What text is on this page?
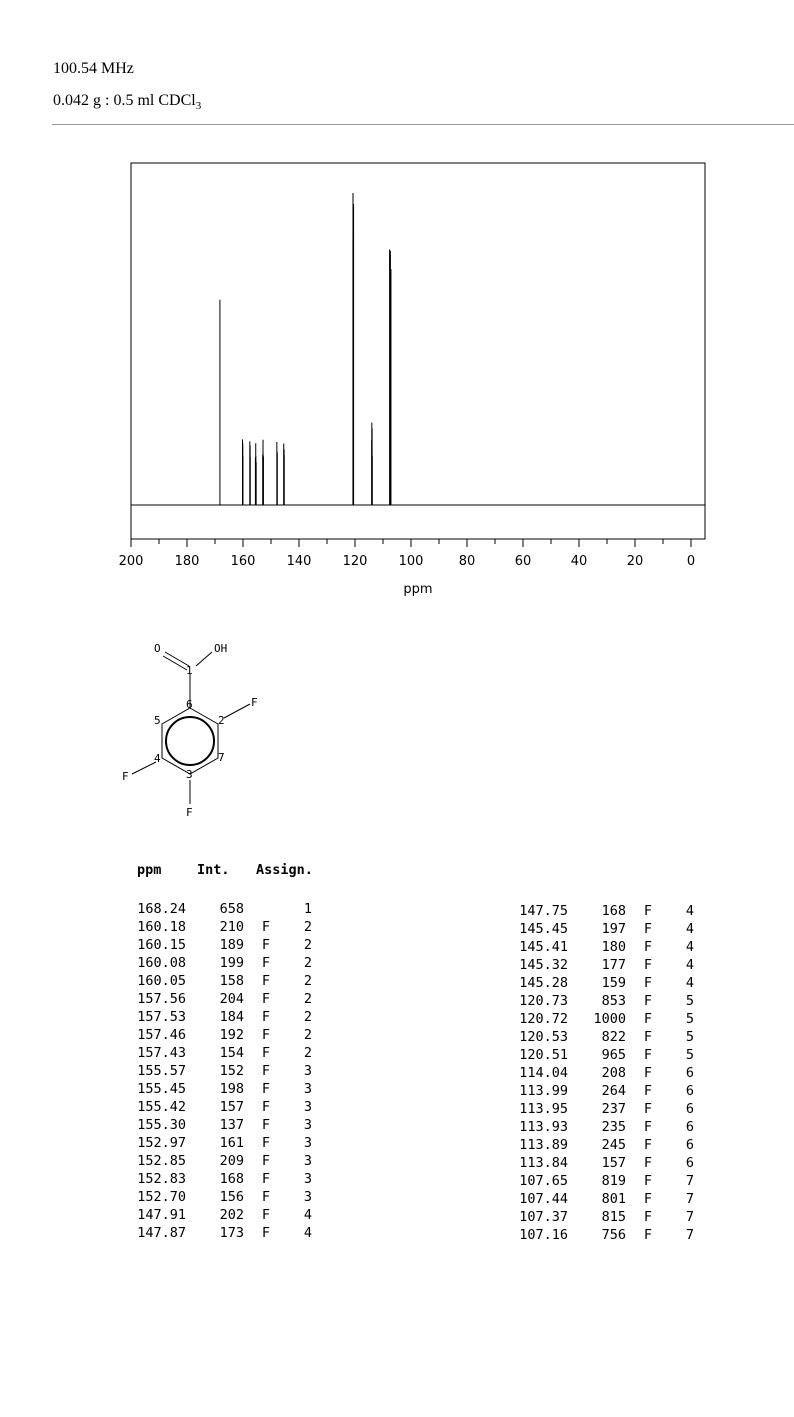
100.54 MHz
0.042 g : 0.5 ml CDCl$_3$
200 180 160 140 120 100	80	60	40	20	0
ppm
O	OH
1
6
2
7
3
4
5
F
F
F
ppm	Int. Assign.
168.24	658	1
160.18	210 F	2
160.15	189 F	2
160.08	199 F	2
160.05	158 F	2
157.56	204 F	2
157.53	184 F	2
157.46	192 F	2
157.43	154 F	2
155.57	152 F	3
155.45	198 F	3
155.42	157 F	3
155.30	137 F	3
152.97	161 F	3
152.85	209 F	3
152.83	168 F	3
152.70	156 F	3
147.91	202 F	4
147.87	173 F	4
147.75	168 F	4
145.45	197 F	4
145.41	180 F	4
145.32	177 F	4
145.28	159 F	4
120.73	853 F	5
120.72	1000 F	5
120.53	822 F	5
120.51	965 F	5
114.04	208 F	6
113.99	264 F	6
113.95	237 F	6
113.93	235 F	6
113.89	245 F	6
113.84	157 F	6
107.65	819 F	7
107.44	801 F	7
107.37	815 F	7
107.16	756 F	7
